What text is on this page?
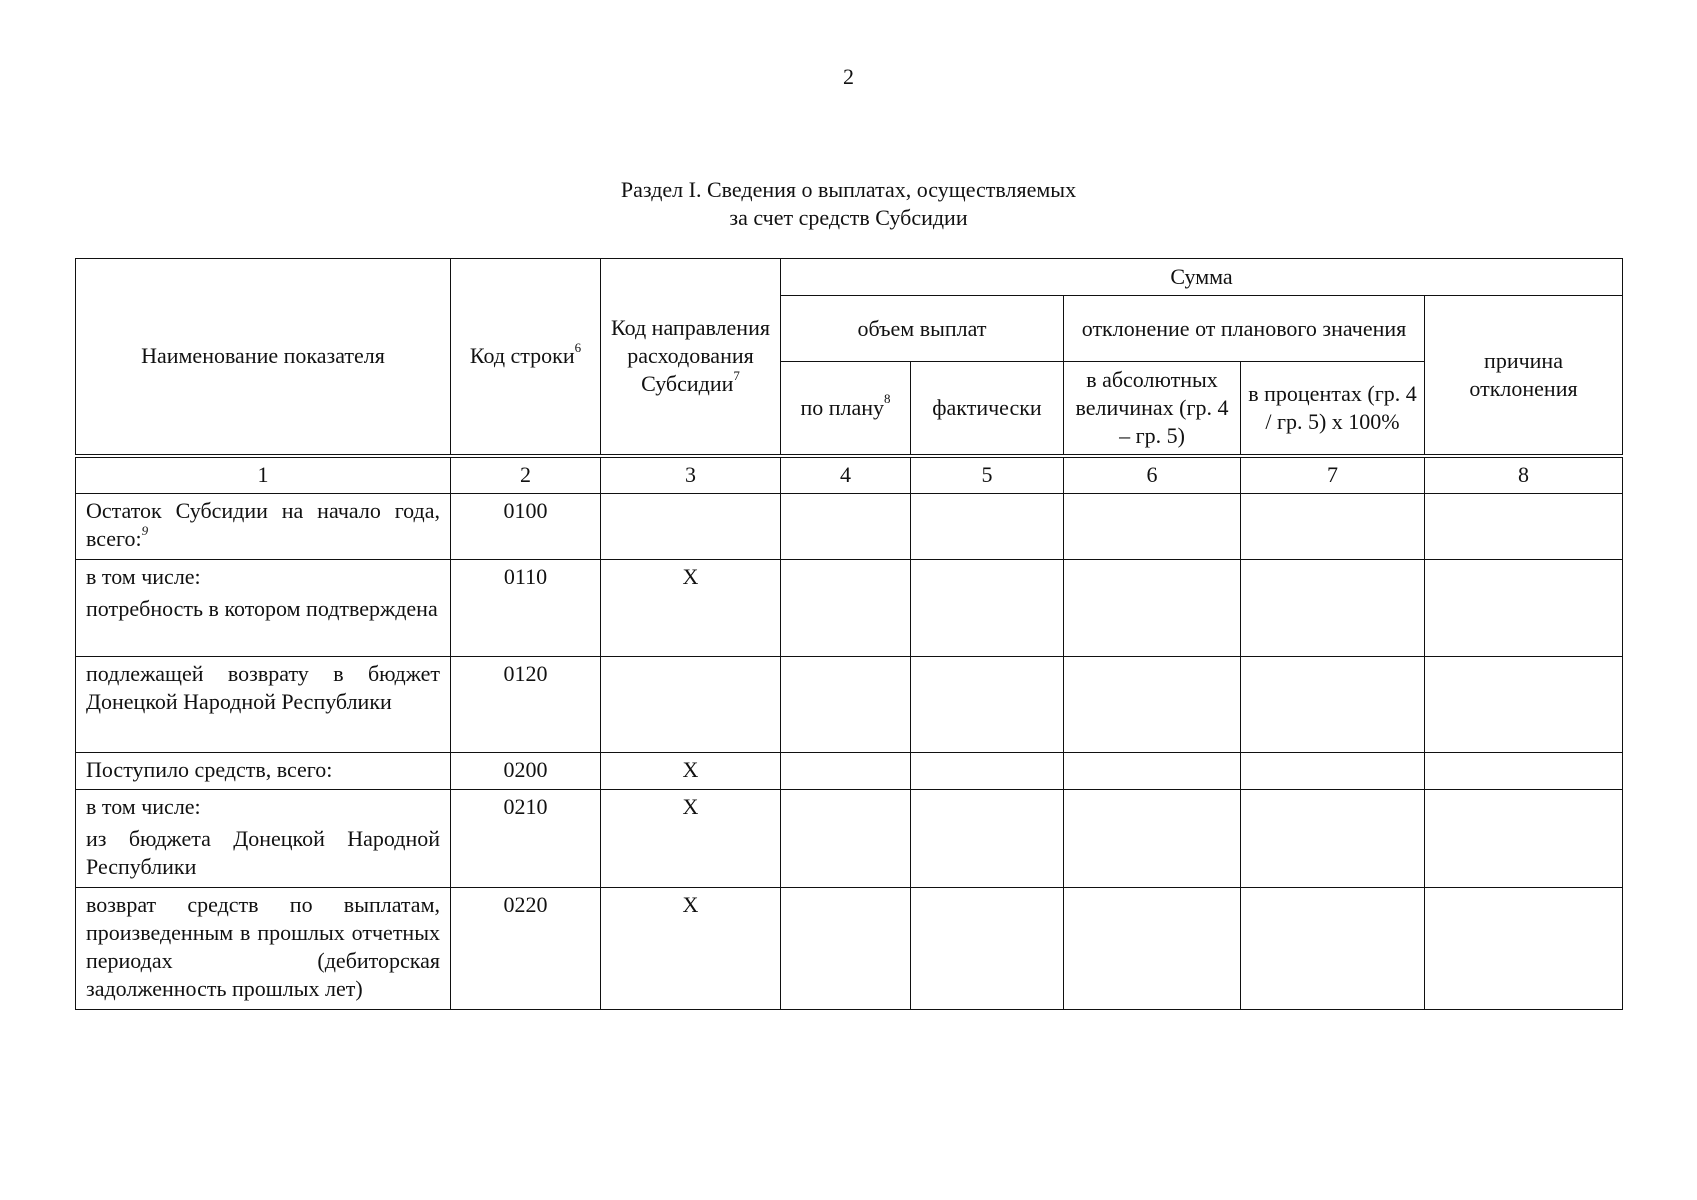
2
Раздел I. Сведения о выплатах, осуществляемых
за счет средств Субсидии
Наименование показателя	Код строки$^6$	Код направления расходования Субсидии$^7$	Сумма				
			объем выплат		отклонение от планового значения		причина отклонения
			по плану$^8$	фактически	в абсолютных величинах (гр. 4 – гр. 5)	в процентах (гр. 4 / гр. 5) x 100%	
1	2	3	4	5	6	7	8
Остаток Субсидии на начало года, всего:$^9$	0100						

в том числе:
потребность в котором подтверждена	0110	X					
подлежащей возврату в бюджет Донецкой Народной Республики	0120						
Поступило средств, всего:	0200	X					

в том числе:
из бюджета Донецкой Народной Республики	0210	X					
возврат средств по выплатам, произведенным в прошлых отчетных периодах (дебиторская задолженность прошлых лет)	0220	X					
